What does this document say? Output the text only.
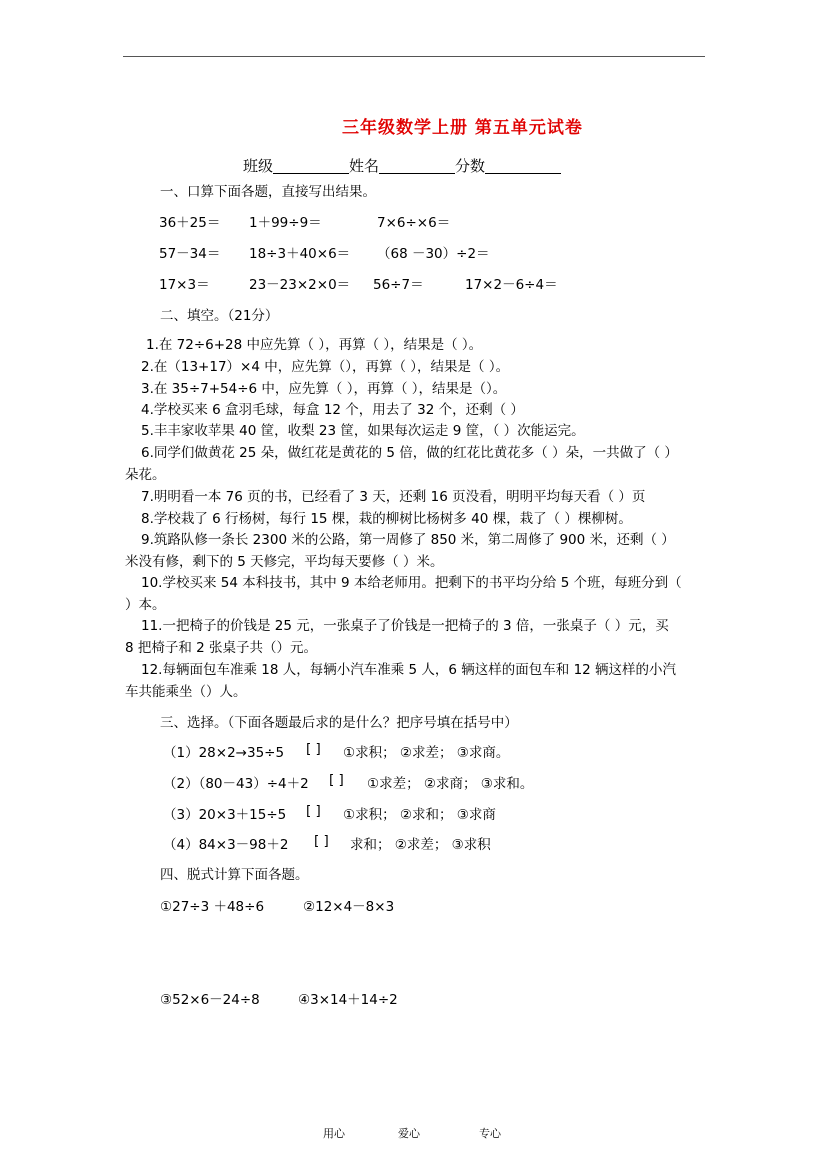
三年级数学上册 第五单元试卷
班级	姓名	分数
一、口算下面各题，直接写出结果。
36＋25＝ 1＋99÷9＝	7×6÷×6＝
57－34＝ 18÷3＋40×6＝ （68 －30）÷2＝
17×3＝	23－23×2×0＝ 56÷7＝	17×2－6÷4＝
二、填空。（21分）
1.在 72÷6+28 中应先算（ ），再算（ ），结果是（ ）。
2.在（13+17）×4 中，应先算（），再算（ ），结果是（ ）。
3.在 35÷7+54÷6 中，应先算（ ），再算（ ），结果是（）。
4.学校买来 6 盒羽毛球，每盒 12 个，用去了 32 个，还剩（ ）
5.丰丰家收苹果 40 筐，收梨 23 筐，如果每次运走 9 筐，（ ）次能运完。
6.同学们做黄花 25 朵，做红花是黄花的 5 倍，做的红花比黄花多（ ）朵，一共做了（ ）
朵花。
7.明明看一本 76 页的书，已经看了 3 天，还剩 16 页没看，明明平均每天看（ ）页
8.学校栽了 6 行杨树，每行 15 棵，栽的柳树比杨树多 40 棵，栽了（ ）棵柳树。
9.筑路队修一条长 2300 米的公路，第一周修了 850 米，第二周修了 900 米，还剩（ ）
米没有修，剩下的 5 天修完，平均每天要修（ ）米。
10.学校买来 54 本科技书，其中 9 本给老师用。把剩下的书平均分给 5 个班，每班分到（
）本。
11.一把椅子的价钱是 25 元，一张桌子了价钱是一把椅子的 3 倍，一张桌子（ ）元，买
8 把椅子和 2 张桌子共（）元。
12.每辆面包车准乘 18 人，每辆小汽车准乘 5 人，6 辆这样的面包车和 12 辆这样的小汽
车共能乘坐（）人。
三、选择。（下面各题最后求的是什么？把序号填在括号中）
（1）28×2→35÷5 [ ] ①求积； ②求差； ③求商。
（2）（80－43）÷4＋2 [ ] ①求差； ②求商； ③求和。
（3）20×3＋15÷5 [ ] ①求积； ②求和； ③求商
（4）84×3－98＋2 [ ] 求和； ②求差； ③求积
四、脱式计算下面各题。
①27÷3 ＋48÷6	②12×4－8×3
③52×6－24÷8	④3×14＋14÷2
用心	爱心	专心
